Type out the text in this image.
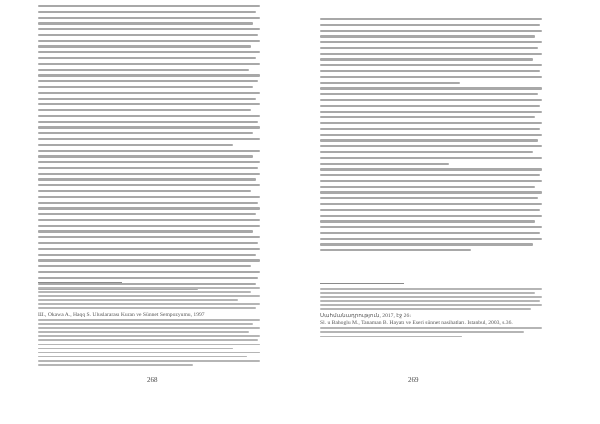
Ш., Okawa A., Haqq S. Uluslararası Kuran ve Sünnet Sempozyumu, 1997
268
Սահմանադրություն, 2017, էջ 26։
Sl. u Bahoglu M., Tanaman B. Hayatı ve Eseri sünnet nasihatları. İstanbul, 2003, s.36.
269
